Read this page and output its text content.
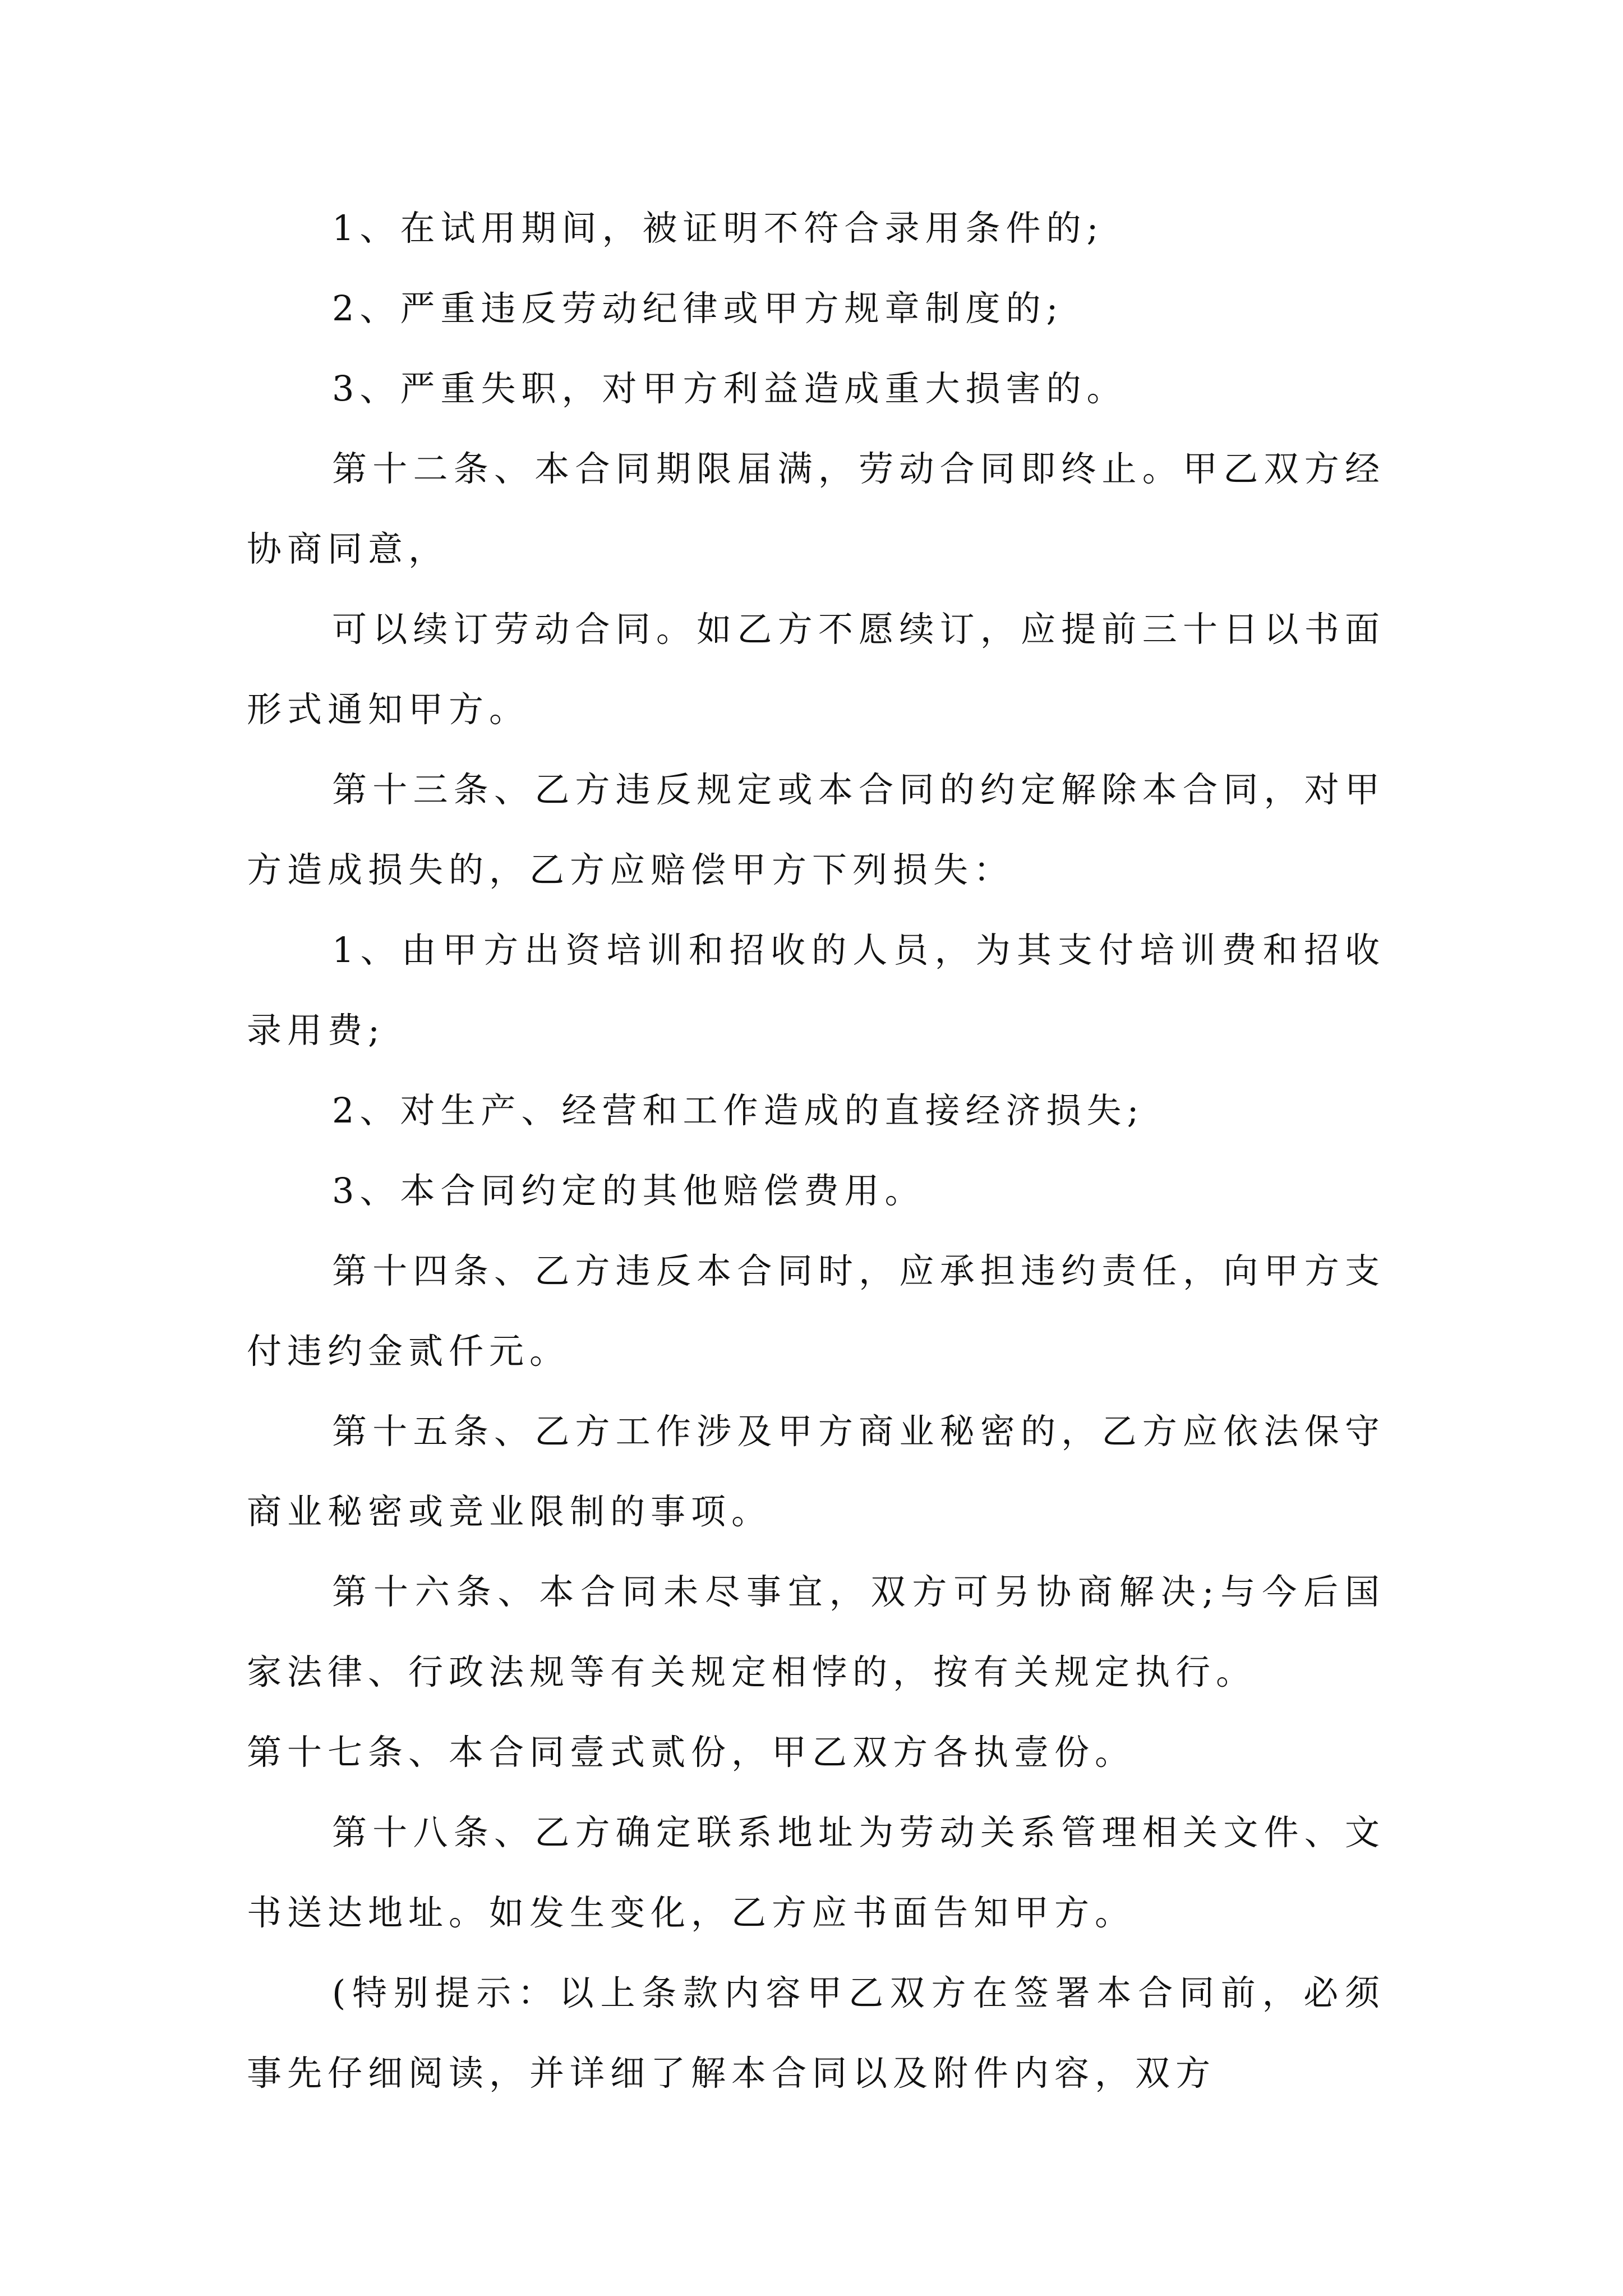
1、在试用期间，被证明不符合录用条件的;

2、严重违反劳动纪律或甲方规章制度的;

3、严重失职，对甲方利益造成重大损害的。

第十二条、本合同期限届满，劳动合同即终止。甲乙双方经协商同意，

可以续订劳动合同。如乙方不愿续订，应提前三十日以书面形式通知甲方。

第十三条、乙方违反规定或本合同的约定解除本合同，对甲方造成损失的，乙方应赔偿甲方下列损失：

1、由甲方出资培训和招收的人员，为其支付培训费和招收录用费;

2、对生产、经营和工作造成的直接经济损失;

3、本合同约定的其他赔偿费用。

第十四条、乙方违反本合同时，应承担违约责任，向甲方支付违约金贰仟元。

第十五条、乙方工作涉及甲方商业秘密的，乙方应依法保守商业秘密或竞业限制的事项。

第十六条、本合同未尽事宜，双方可另协商解决;与今后国家法律、行政法规等有关规定相悖的，按有关规定执行。

第十七条、本合同壹式贰份，甲乙双方各执壹份。

第十八条、乙方确定联系地址为劳动关系管理相关文件、文书送达地址。如发生变化，乙方应书面告知甲方。

(特别提示：以上条款内容甲乙双方在签署本合同前，必须事先仔细阅读，并详细了解本合同以及附件内容，双方
